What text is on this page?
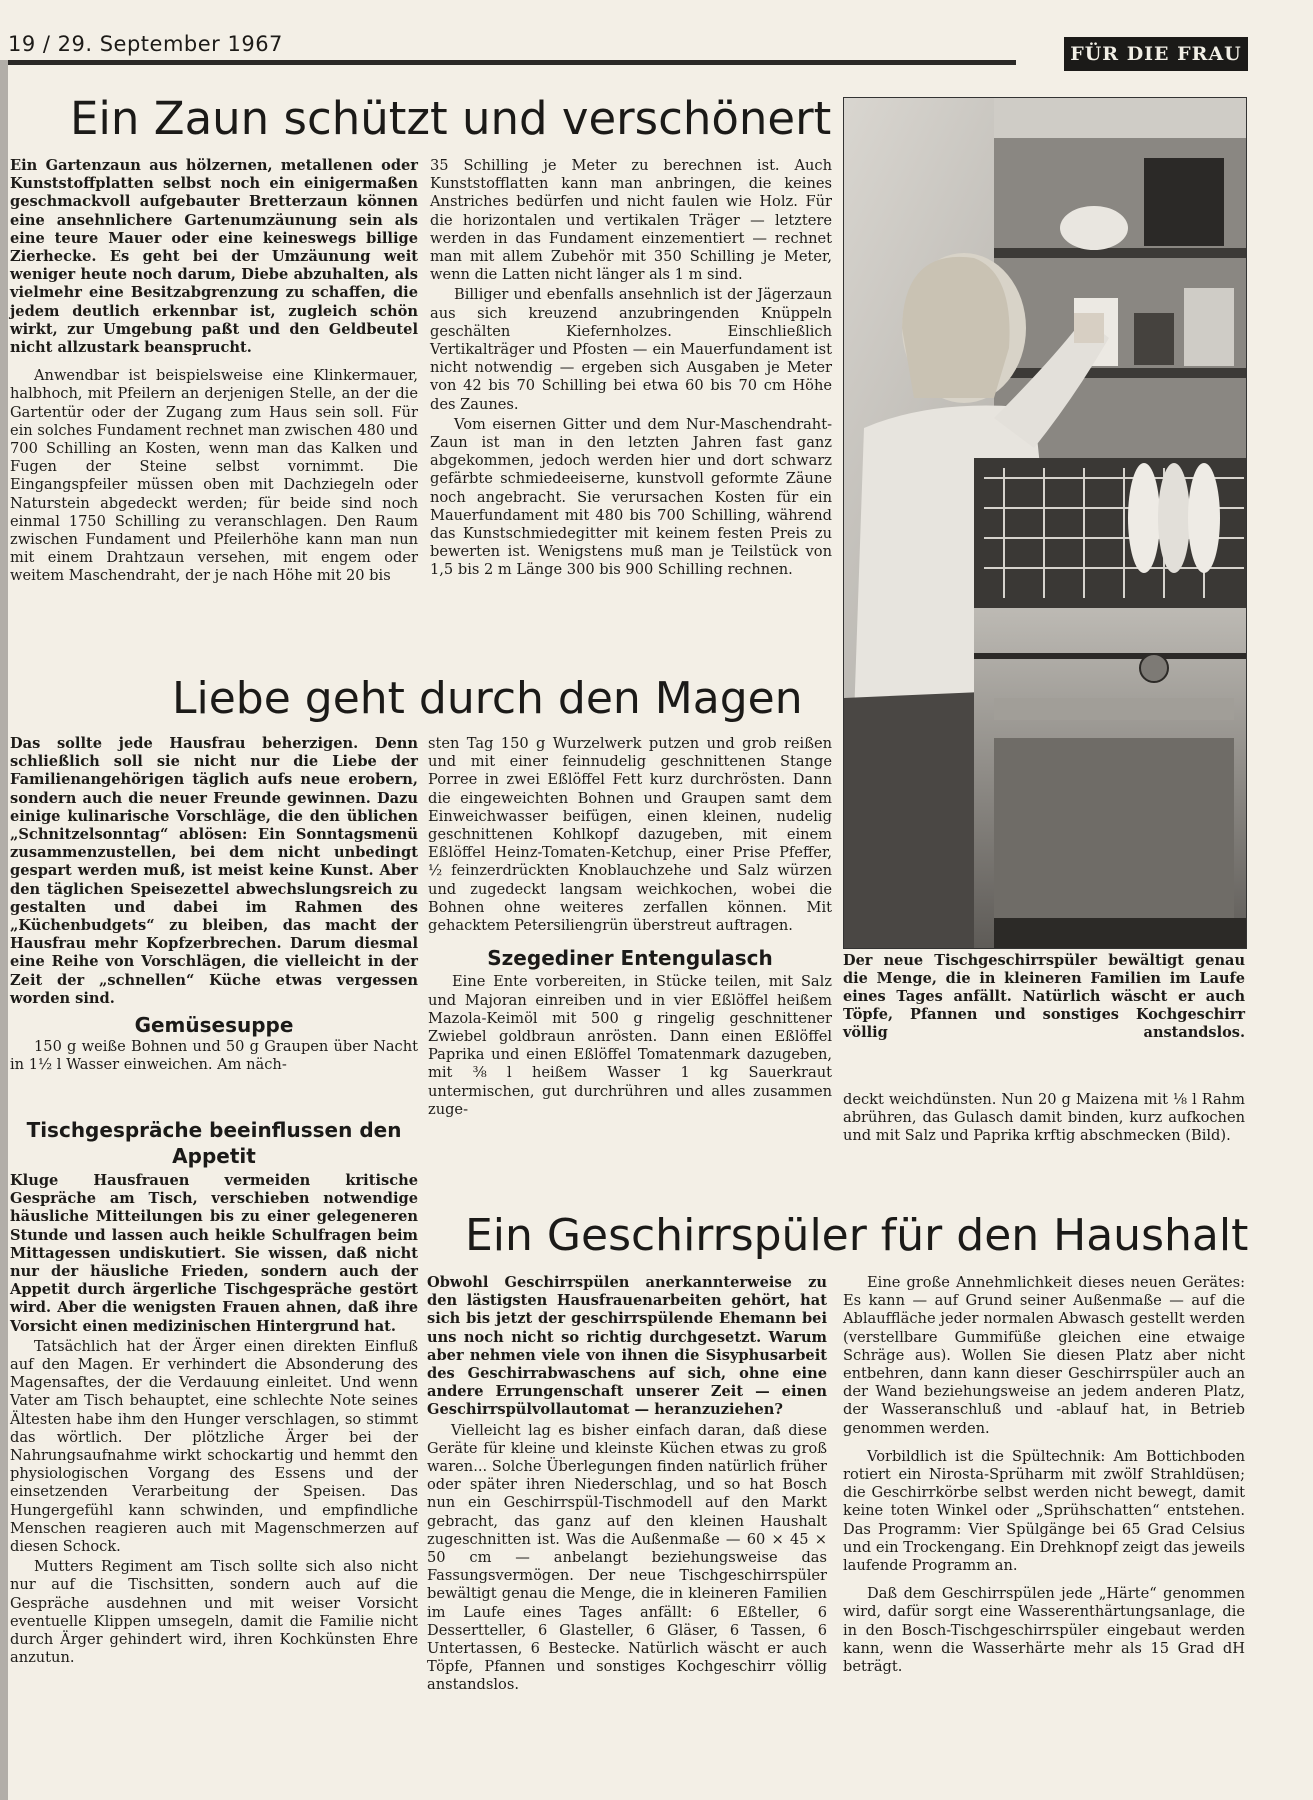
19 / 29. September 1967	FÜR DIE FRAU
Ein Zaun schützt und verschönert

Ein Gartenzaun aus hölzernen, metallenen oder Kunststoffplatten selbst noch ein einigermaßen geschmackvoll aufgebauter Bretterzaun können eine ansehnlichere Gartenumzäunung sein als eine teure Mauer oder eine keineswegs billige Zierhecke. Es geht bei der Umzäunung weit weniger heute noch darum, Diebe abzuhalten, als vielmehr eine Besitzabgrenzung zu schaffen, die jedem deutlich erkennbar ist, zugleich schön wirkt, zur Umgebung paßt und den Geldbeutel nicht allzustark beansprucht.

Anwendbar ist beispielsweise eine Klinkermauer, halbhoch, mit Pfeilern an derjenigen Stelle, an der die Gartentür oder der Zugang zum Haus sein soll. Für ein solches Fundament rechnet man zwischen 480 und 700 Schilling an Kosten, wenn man das Kalken und Fugen der Steine selbst vornimmt. Die Eingangspfeiler müssen oben mit Dachziegeln oder Naturstein abgedeckt werden; für beide sind noch einmal 1750 Schilling zu veranschlagen. Den Raum zwischen Fundament und Pfeilerhöhe kann man nun mit einem Drahtzaun versehen, mit engem oder weitem Maschendraht, der je nach Höhe mit 20 bis

35 Schilling je Meter zu berechnen ist. Auch Kunststofflatten kann man anbringen, die keines Anstriches bedürfen und nicht faulen wie Holz. Für die horizontalen und vertikalen Träger — letztere werden in das Fundament einzementiert — rechnet man mit allem Zubehör mit 350 Schilling je Meter, wenn die Latten nicht länger als 1 m sind.

Billiger und ebenfalls ansehnlich ist der Jägerzaun aus sich kreuzend anzubringenden Knüppeln geschälten Kiefernholzes. Einschließlich Vertikalträger und Pfosten — ein Mauerfundament ist nicht notwendig — ergeben sich Ausgaben je Meter von 42 bis 70 Schilling bei etwa 60 bis 70 cm Höhe des Zaunes.

Vom eisernen Gitter und dem Nur-Maschendraht-Zaun ist man in den letzten Jahren fast ganz abgekommen, jedoch werden hier und dort schwarz gefärbte schmiedeeiserne, kunstvoll geformte Zäune noch angebracht. Sie verursachen Kosten für ein Mauerfundament mit 480 bis 700 Schilling, während das Kunstschmiedegitter mit keinem festen Preis zu bewerten ist. Wenigstens muß man je Teilstück von 1,5 bis 2 m Länge 300 bis 900 Schilling rechnen.

Liebe geht durch den Magen

Das sollte jede Hausfrau beherzigen. Denn schließlich soll sie nicht nur die Liebe der Familienangehörigen täglich aufs neue erobern, sondern auch die neuer Freunde gewinnen. Dazu einige kulinarische Vorschläge, die den üblichen „Schnitzelsonntag“ ablösen: Ein Sonntagsmenü zusammenzustellen, bei dem nicht unbedingt gespart werden muß, ist meist keine Kunst. Aber den täglichen Speisezettel abwechslungsreich zu gestalten und dabei im Rahmen des „Küchenbudgets“ zu bleiben, das macht der Hausfrau mehr Kopfzerbrechen. Darum diesmal eine Reihe von Vorschlägen, die vielleicht in der Zeit der „schnellen“ Küche etwas vergessen worden sind.

Gemüsesuppe

150 g weiße Bohnen und 50 g Graupen über Nacht in 1½ l Wasser einweichen. Am näch-

sten Tag 150 g Wurzelwerk putzen und grob reißen und mit einer feinnudelig geschnittenen Stange Porree in zwei Eßlöffel Fett kurz durchrösten. Dann die eingeweichten Bohnen und Graupen samt dem Einweichwasser beifügen, einen kleinen, nudelig geschnittenen Kohlkopf dazugeben, mit einem Eßlöffel Heinz-Tomaten-Ketchup, einer Prise Pfeffer, ½ feinzerdrückten Knoblauchzehe und Salz würzen und zugedeckt langsam weichkochen, wobei die Bohnen ohne weiteres zerfallen können. Mit gehacktem Petersiliengrün überstreut auftragen.

Szegediner Entengulasch

Eine Ente vorbereiten, in Stücke teilen, mit Salz und Majoran einreiben und in vier Eßlöffel heißem Mazola-Keimöl mit 500 g ringelig geschnittener Zwiebel goldbraun anrösten. Dann einen Eßlöffel Paprika und einen Eßlöffel Tomatenmark dazugeben, mit ⅜ l heißem Wasser 1 kg Sauerkraut untermischen, gut durchrühren und alles zusammen zuge-

deckt weichdünsten. Nun 20 g Maizena mit ⅛ l Rahm abrühren, das Gulasch damit binden, kurz aufkochen und mit Salz und Paprika krftig abschmecken (Bild).

Tischgespräche beeinflussen den Appetit

Kluge Hausfrauen vermeiden kritische Gespräche am Tisch, verschieben notwendige häusliche Mitteilungen bis zu einer gelegeneren Stunde und lassen auch heikle Schulfragen beim Mittagessen undiskutiert. Sie wissen, daß nicht nur der häusliche Frieden, sondern auch der Appetit durch ärgerliche Tischgespräche gestört wird. Aber die wenigsten Frauen ahnen, daß ihre Vorsicht einen medizinischen Hintergrund hat.

Tatsächlich hat der Ärger einen direkten Einfluß auf den Magen. Er verhindert die Absonderung des Magensaftes, der die Verdauung einleitet. Und wenn Vater am Tisch behauptet, eine schlechte Note seines Ältesten habe ihm den Hunger verschlagen, so stimmt das wörtlich. Der plötzliche Ärger bei der Nahrungsaufnahme wirkt schockartig und hemmt den physiologischen Vorgang des Essens und der einsetzenden Verarbeitung der Speisen. Das Hungergefühl kann schwinden, und empfindliche Menschen reagieren auch mit Magenschmerzen auf diesen Schock.

Mutters Regiment am Tisch sollte sich also nicht nur auf die Tischsitten, sondern auch auf die Gespräche ausdehnen und mit weiser Vorsicht eventuelle Klippen umsegeln, damit die Familie nicht durch Ärger gehindert wird, ihren Kochkünsten Ehre anzutun.

Der neue Tischgeschirrspüler bewältigt genau die Menge, die in kleineren Familien im Laufe eines Tages anfällt. Natürlich wäscht er auch Töpfe, Pfannen und sonstiges Kochgeschirr völlig anstandslos.
Ein Geschirrspüler für den Haushalt

Obwohl Geschirrspülen anerkannterweise zu den lästigsten Hausfrauenarbeiten gehört, hat sich bis jetzt der geschirrspülende Ehemann bei uns noch nicht so richtig durchgesetzt. Warum aber nehmen viele von ihnen die Sisyphusarbeit des Geschirrabwaschens auf sich, ohne eine andere Errungenschaft unserer Zeit — einen Geschirrspülvollautomat — heranzuziehen?

Vielleicht lag es bisher einfach daran, daß diese Geräte für kleine und kleinste Küchen etwas zu groß waren... Solche Überlegungen finden natürlich früher oder später ihren Niederschlag, und so hat Bosch nun ein Geschirrspül-Tischmodell auf den Markt gebracht, das ganz auf den kleinen Haushalt zugeschnitten ist. Was die Außenmaße — 60 × 45 × 50 cm — anbelangt beziehungsweise das Fassungsvermögen. Der neue Tischgeschirrspüler bewältigt genau die Menge, die in kleineren Familien im Laufe eines Tages anfällt: 6 Eßteller, 6 Dessertteller, 6 Glasteller, 6 Gläser, 6 Tassen, 6 Untertassen, 6 Bestecke. Natürlich wäscht er auch Töpfe, Pfannen und sonstiges Kochgeschirr völlig anstandslos.

Eine große Annehmlichkeit dieses neuen Gerätes: Es kann — auf Grund seiner Außenmaße — auf die Ablauffläche jeder normalen Abwasch gestellt werden (verstellbare Gummifüße gleichen eine etwaige Schräge aus). Wollen Sie diesen Platz aber nicht entbehren, dann kann dieser Geschirrspüler auch an der Wand beziehungsweise an jedem anderen Platz, der Wasseranschluß und -ablauf hat, in Betrieb genommen werden.

Vorbildlich ist die Spültechnik: Am Bottichboden rotiert ein Nirosta-Sprüharm mit zwölf Strahldüsen; die Geschirrkörbe selbst werden nicht bewegt, damit keine toten Winkel oder „Sprühschatten“ entstehen. Das Programm: Vier Spülgänge bei 65 Grad Celsius und ein Trockengang. Ein Drehknopf zeigt das jeweils laufende Programm an.

Daß dem Geschirrspülen jede „Härte“ genommen wird, dafür sorgt eine Wasserenthärtungsanlage, die in den Bosch-Tischgeschirrspüler eingebaut werden kann, wenn die Wasserhärte mehr als 15 Grad dH beträgt.
